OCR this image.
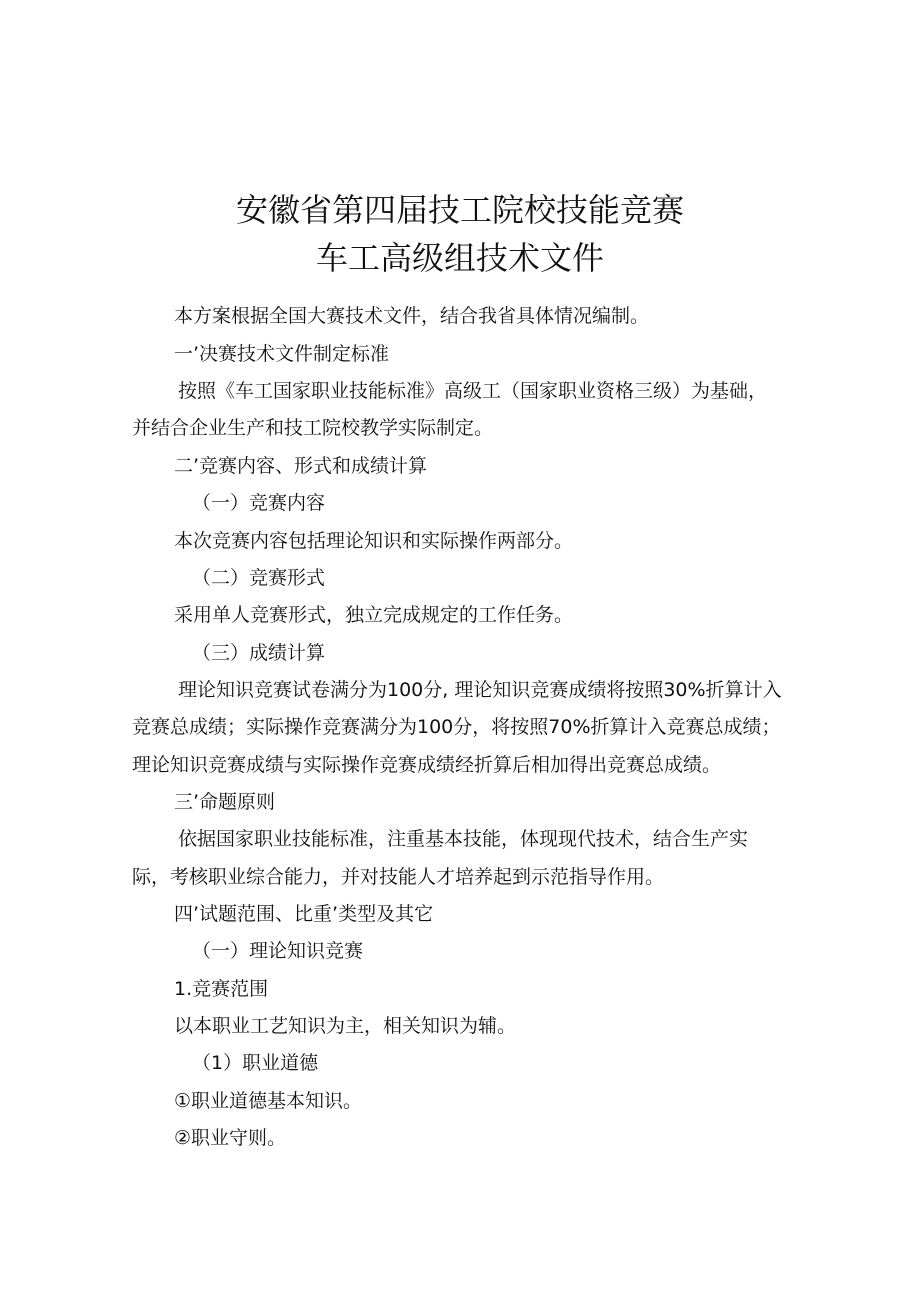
安徽省第四届技工院校技能竞赛
车工高级组技术文件

本方案根据全国大赛技术文件，结合我省具体情况编制。

一’决赛技术文件制定标准

按照《车工国家职业技能标准》高级工（国家职业资格三级）为基础，

并结合企业生产和技工院校教学实际制定。

二’竞赛内容、形式和成绩计算

（一）竞赛内容

本次竞赛内容包括理论知识和实际操作两部分。

（二）竞赛形式

采用单人竞赛形式，独立完成规定的工作任务。

（三）成绩计算

理论知识竞赛试卷满分为100分, 理论知识竞赛成绩将按照30%折算计入

竞赛总成绩；实际操作竞赛满分为100分，将按照70%折算计入竞赛总成绩；

理论知识竞赛成绩与实际操作竞赛成绩经折算后相加得出竞赛总成绩。

三’命题原则

依据国家职业技能标准，注重基本技能，体现现代技术，结合生产实

际，考核职业综合能力，并对技能人才培养起到示范指导作用。

四’试题范围、比重’类型及其它

（一）理论知识竞赛

1.竞赛范围

以本职业工艺知识为主，相关知识为辅。

（1）职业道德

①职业道德基本知识。

②职业守则。
